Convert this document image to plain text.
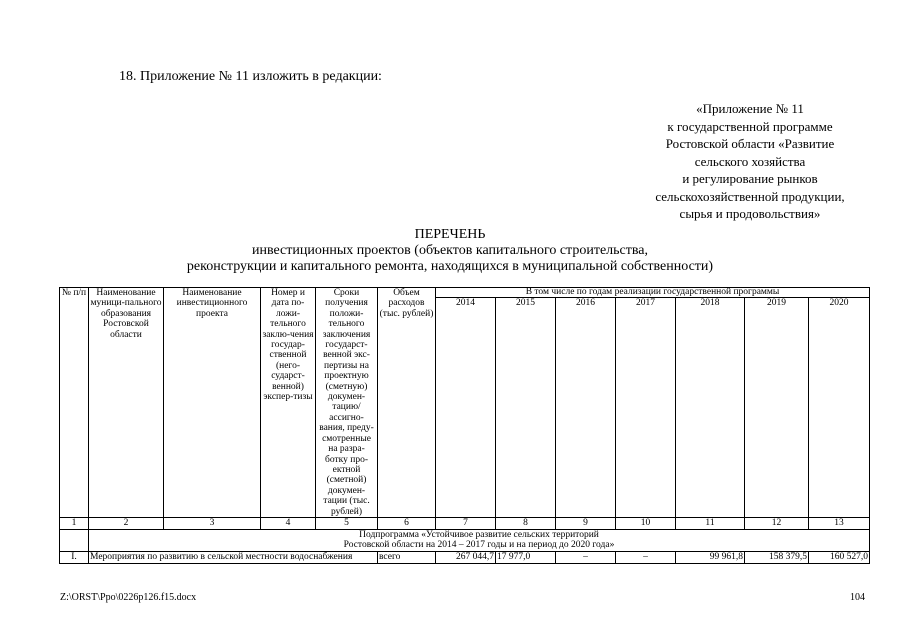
18. Приложение № 11 изложить в редакции:
«Приложение № 11
к государственной программе
Ростовской области «Развитие
сельского хозяйства
и регулирование рынков
сельскохозяйственной продукции,
сырья и продовольствия»
ПЕРЕЧЕНЬ
инвестиционных проектов (объектов капитального строительства,
реконструкции и капитального ремонта, находящихся в муниципальной собственности)
№ п/п	Наименование муници-пального образования Ростовской области	Наименование инвестиционного проекта	Номер и дата по-ложи-тельного заклю-чения государ-ственной (него-сударст-венной) экспер-тизы	Сроки получения положи-тельного заключения государст-венной экс-пертизы на проектную (сметную) докумен-тацию/ ассигно-вания, преду-смотренные на разра-ботку про-ектной (сметной) докумен-тации (тыс. рублей)	Объем расходов (тыс. рублей)	В том числе по годам реализации государственной программы						
						2014	2015	2016	2017	2018	2019	2020
1	2	3	4	5	6	7	8	9	10	11	12	13

	Подпрограмма «Устойчивое развитие сельских территорий
Ростовской области на 2014 – 2017 годы и на период до 2020 года»											

I.	Мероприятия по развитию в сельской местности водоснабжения				всего	267 044,7	17 977,0	–	–	99 961,8	158 379,5	160 527,0
Z:\ORST\Ppo\0226p126.f15.docx	104
